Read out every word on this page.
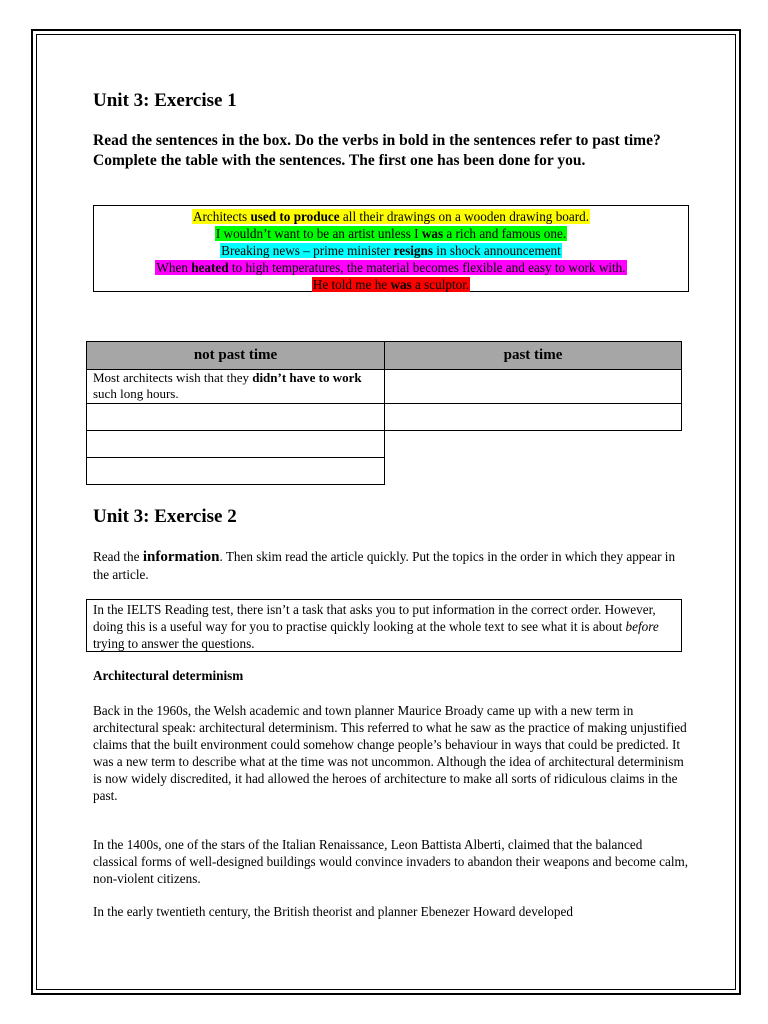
Unit 3: Exercise 1

Read the sentences in the box. Do the verbs in bold in the sentences refer to past time? Complete the table with the sentences. The first one has been done for you.

Architects used to produce all their drawings on a wooden drawing board.
I wouldn’t want to be an artist unless I was a rich and famous one.
Breaking news – prime minister resigns in shock announcement
When heated to high temperatures, the material becomes flexible and easy to work with.
He told me he was a sculptor.
not past time	past time
Most architects wish that they didn’t have to work such long hours.	

Unit 3: Exercise 2

Read the information. Then skim read the article quickly. Put the topics in the order in which they appear in the article.

In the IELTS Reading test, there isn’t a task that asks you to put information in the correct order. However, doing this is a useful way for you to practise quickly looking at the whole text to see what it is about before trying to answer the questions.

Architectural determinism

Back in the 1960s, the Welsh academic and town planner Maurice Broady came up with a new term in architectural speak: architectural determinism. This referred to what he saw as the practice of making unjustified claims that the built environment could somehow change people’s behaviour in ways that could be predicted. It was a new term to describe what at the time was not uncommon. Although the idea of architectural determinism is now widely discredited, it had allowed the heroes of architecture to make all sorts of ridiculous claims in the past.

In the 1400s, one of the stars of the Italian Renaissance, Leon Battista Alberti, claimed that the balanced classical forms of well-designed buildings would convince invaders to abandon their weapons and become calm, non-violent citizens.

In the early twentieth century, the British theorist and planner Ebenezer Howard developed
